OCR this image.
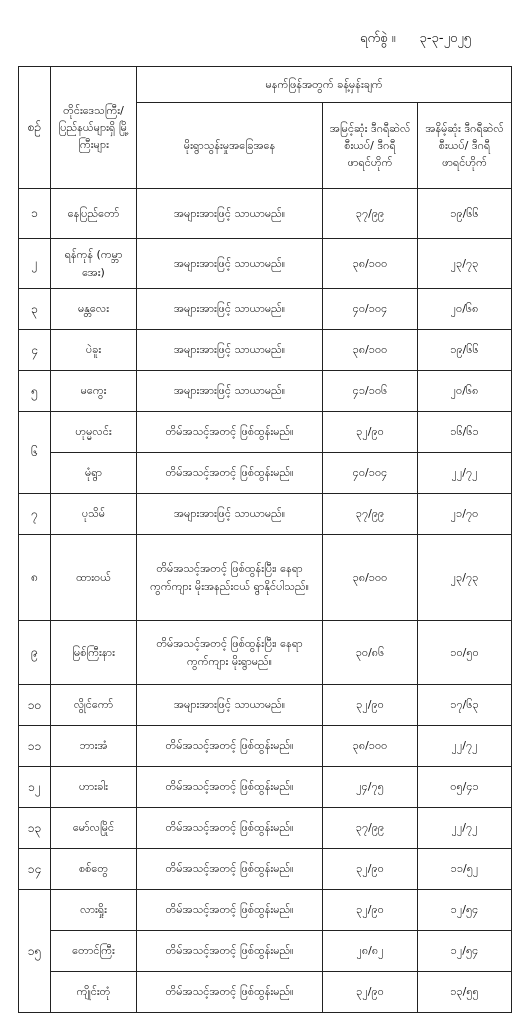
ရက်စွဲ ။ ၃-၃-၂၀၂၅
စဉ်	တိုင်းဒေသကြီး/ ပြည်နယ်များရှိ မြို့ကြီးများ	မနက်ဖြန်အတွက် ခန့်မှန်းချက်		
		မိုးရွာသွန်းမှုအခြေအနေ	အမြင့်ဆုံး ဒီဂရီဆဲလ်စီးယပ်/ ဒီဂရီဖာရင်ဟိုက်	အနိမ့်ဆုံး ဒီဂရီဆဲလ်စီးယပ်/ ဒီဂရီဖာရင်ဟိုက်
၁	နေပြည်တော်	အများအားဖြင့် သာယာမည်။	၃၇/၉၉	၁၉/၆၆
၂	ရန်ကုန် (ကမ္ဘာအေး)	အများအားဖြင့် သာယာမည်။	၃၈/၁၀၀	၂၃/၇၃
၃	မန္တလေး	အများအားဖြင့် သာယာမည်။	၄၀/၁၀၄	၂၀/၆၈
၄	ပဲခူး	အများအားဖြင့် သာယာမည်။	၃၈/၁၀၀	၁၉/၆၆
၅	မကွေး	အများအားဖြင့် သာယာမည်။	၄၁/၁၀၆	၂၀/၆၈
၆	ဟုမ္မလင်း	တိမ်အသင့်အတင့် ဖြစ်ထွန်းမည်။	၃၂/၉၀	၁၆/၆၁
	မုံရွာ	တိမ်အသင့်အတင့် ဖြစ်ထွန်းမည်။	၄၀/၁၀၄	၂၂/၇၂
၇	ပုသိမ်	အများအားဖြင့် သာယာမည်။	၃၇/၉၉	၂၁/၇၀
၈	ထားဝယ်	တိမ်အသင့်အတင့် ဖြစ်ထွန်းပြီး၊ နေရာကွက်ကျား မိုးအနည်းငယ် ရွာနိုင်ပါသည်။	၃၈/၁၀၀	၂၃/၇၃
၉	မြစ်ကြီးနား	တိမ်အသင့်အတင့် ဖြစ်ထွန်းပြီး၊ နေရာကွက်ကျား မိုးရွာမည်။	၃၀/၈၆	၁၀/၅၀
၁၀	လွိုင်ကော်	အများအားဖြင့် သာယာမည်။	၃၂/၉၀	၁၇/၆၃
၁၁	ဘားအံ	တိမ်အသင့်အတင့် ဖြစ်ထွန်းမည်။	၃၈/၁၀၀	၂၂/၇၂
၁၂	ဟားခါး	တိမ်အသင့်အတင့် ဖြစ်ထွန်းမည်။	၂၄/၇၅	၀၅/၄၁
၁၃	မော်လမြိုင်	တိမ်အသင့်အတင့် ဖြစ်ထွန်းမည်။	၃၇/၉၉	၂၂/၇၂
၁၄	စစ်တွေ	တိမ်အသင့်အတင့် ဖြစ်ထွန်းမည်။	၃၂/၉၀	၁၁/၅၂
၁၅	လားရှိုး	တိမ်အသင့်အတင့် ဖြစ်ထွန်းမည်။	၃၂/၉၀	၁၂/၅၄
	တောင်ကြီး	တိမ်အသင့်အတင့် ဖြစ်ထွန်းမည်။	၂၈/၈၂	၁၂/၅၄
	ကျိုင်းတုံ	တိမ်အသင့်အတင့် ဖြစ်ထွန်းမည်။	၃၂/၉၀	၁၃/၅၅
